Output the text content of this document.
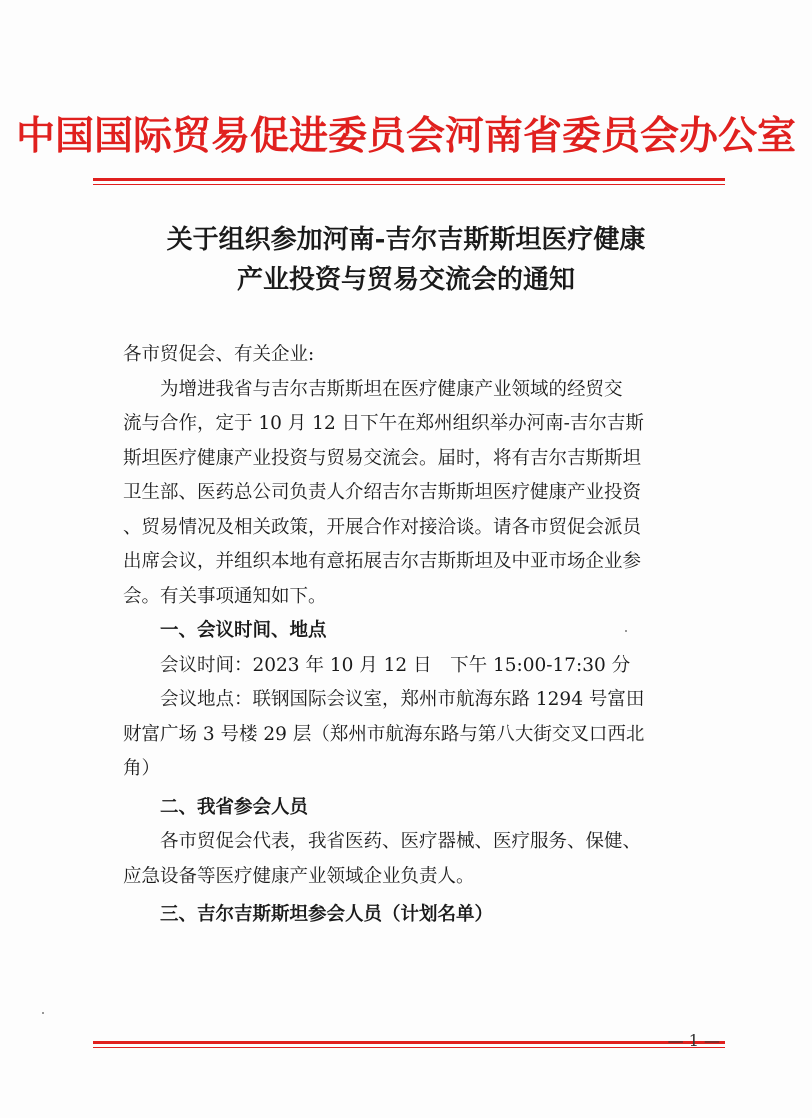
中国国际贸易促进委员会河南省委员会办公室
关于组织参加河南-吉尔吉斯斯坦医疗健康
产业投资与贸易交流会的通知
各市贸促会、有关企业:
为增进我省与吉尔吉斯斯坦在医疗健康产业领域的经贸交
流与合作，定于 10 月 12 日下午在郑州组织举办河南-吉尔吉斯
斯坦医疗健康产业投资与贸易交流会。届时，将有吉尔吉斯斯坦
卫生部、医药总公司负责人介绍吉尔吉斯斯坦医疗健康产业投资
、贸易情况及相关政策，开展合作对接洽谈。请各市贸促会派员
出席会议，并组织本地有意拓展吉尔吉斯斯坦及中亚市场企业参
会。有关事项通知如下。
一、会议时间、地点
会议时间：2023 年 10 月 12 日　下午 15:00-17:30 分
会议地点：联钢国际会议室，郑州市航海东路 1294 号富田
财富广场 3 号楼 29 层（郑州市航海东路与第八大街交叉口西北
角）
二、我省参会人员
各市贸促会代表，我省医药、医疗器械、医疗服务、保健、
应急设备等医疗健康产业领域企业负责人。
三、吉尔吉斯斯坦参会人员（计划名单）
— 1 —
